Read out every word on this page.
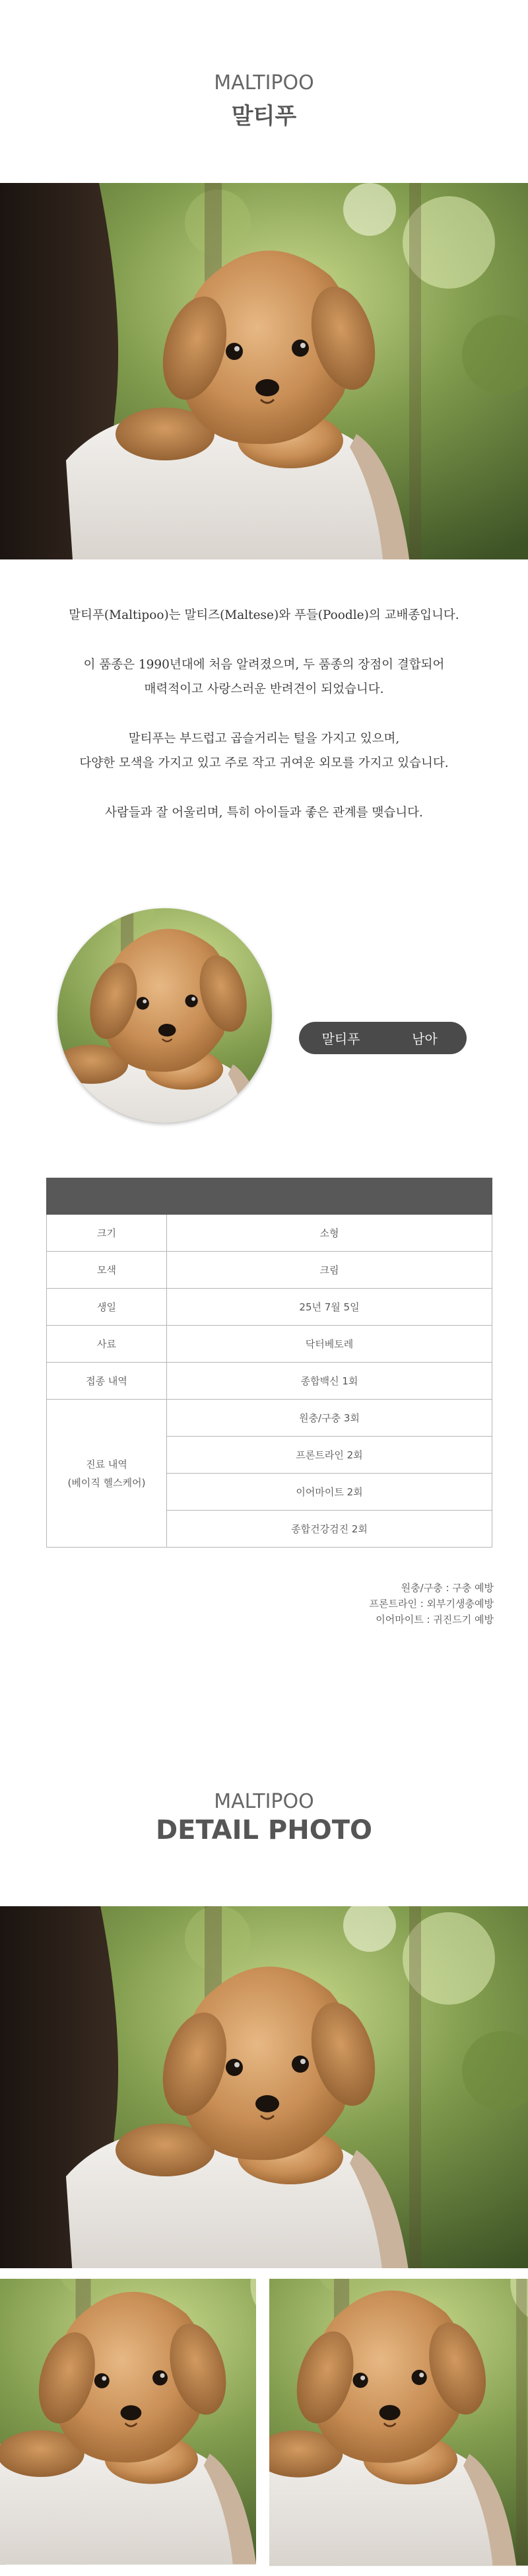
MALTIPOO
말티푸

말티푸(Maltipoo)는 말티즈(Maltese)와 푸들(Poodle)의 교배종입니다.

이 품종은 1990년대에 처음 알려졌으며, 두 품종의 장점이 결합되어

매력적이고 사랑스러운 반려견이 되었습니다.

말티푸는 부드럽고 곱슬거리는 털을 가지고 있으며,

다양한 모색을 가지고 있고 주로 작고 귀여운 외모를 가지고 있습니다.

사람들과 잘 어울리며, 특히 아이들과 좋은 관계를 맺습니다.

말티푸	남아

크기	소형
모색	크림
생일	25년 7월 5일
사료	닥터베토레
접종 내역	종합백신 1회

진료 내역
(베이직 헬스케어)	원충/구충 3회
	프론트라인 2회
	이어마이트 2회
	종합건강검진 2회
원충/구충 : 구충 예방
프론트라인 : 외부기생충예방
이어마이트 : 귀진드기 예방
MALTIPOO
DETAIL PHOTO
